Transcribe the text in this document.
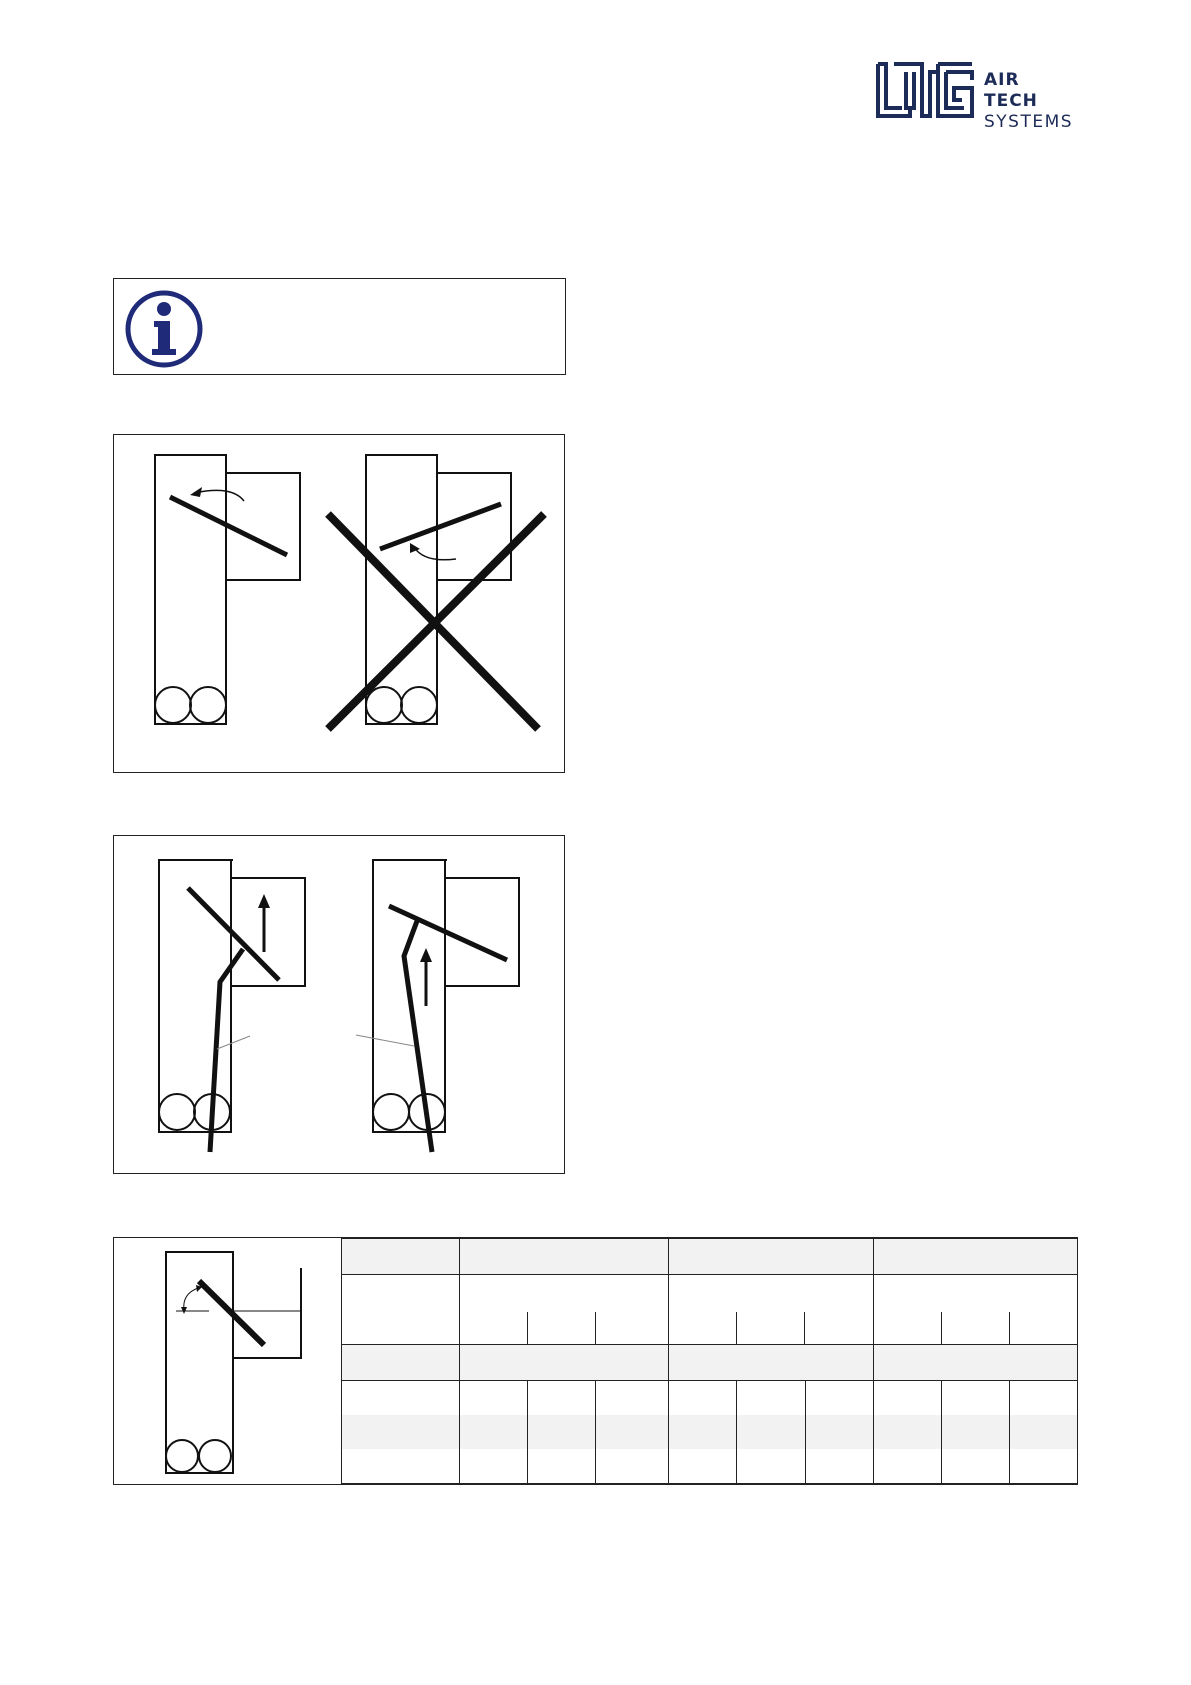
AIR TECH
SYSTEMS
